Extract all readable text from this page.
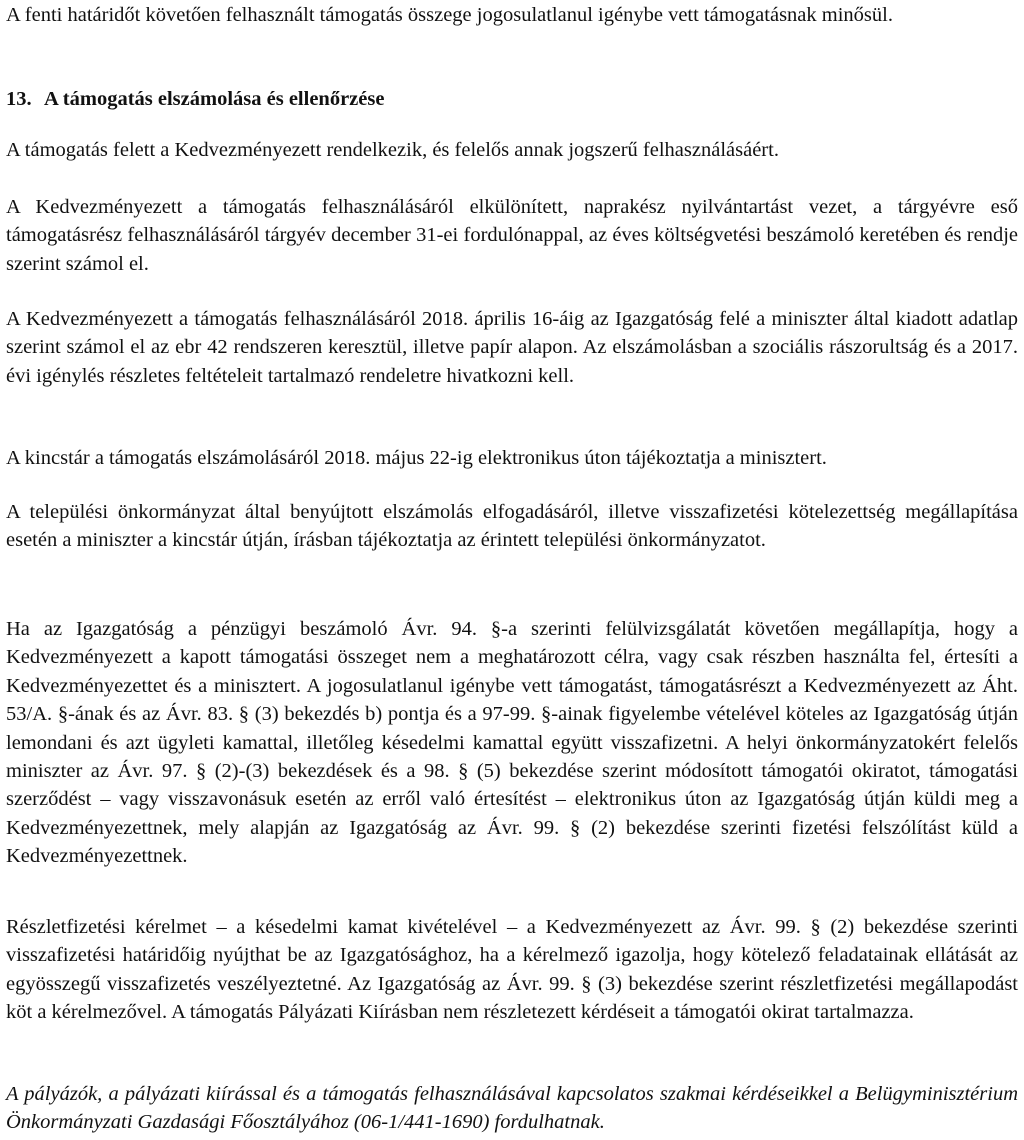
A fenti határidőt követően felhasznált támogatás összege jogosulatlanul igénybe vett támogatásnak minősül.

13. A támogatás elszámolása és ellenőrzése

A támogatás felett a Kedvezményezett rendelkezik, és felelős annak jogszerű felhasználásáért.

A Kedvezményezett a támogatás felhasználásáról elkülönített, naprakész nyilvántartást vezet, a tárgyévre eső támogatásrész felhasználásáról tárgyév december 31-ei fordulónappal, az éves költségvetési beszámoló keretében és rendje szerint számol el.

A Kedvezményezett a támogatás felhasználásáról 2018. április 16-áig az Igazgatóság felé a miniszter által kiadott adatlap szerint számol el az ebr 42 rendszeren keresztül, illetve papír alapon. Az elszámolásban a szociális rászorultság és a 2017. évi igénylés részletes feltételeit tartalmazó rendeletre hivatkozni kell.

A kincstár a támogatás elszámolásáról 2018. május 22-ig elektronikus úton tájékoztatja a minisztert.

A települési önkormányzat által benyújtott elszámolás elfogadásáról, illetve visszafizetési kötelezettség megállapítása esetén a miniszter a kincstár útján, írásban tájékoztatja az érintett települési önkormányzatot.

Ha az Igazgatóság a pénzügyi beszámoló Ávr. 94. §-a szerinti felülvizsgálatát követően megállapítja, hogy a Kedvezményezett a kapott támogatási összeget nem a meghatározott célra, vagy csak részben használta fel, értesíti a Kedvezményezettet és a minisztert. A jogosulatlanul igénybe vett támogatást, támogatásrészt a Kedvezményezett az Áht. 53/A. §-ának és az Ávr. 83. § (3) bekezdés b) pontja és a 97-99. §-ainak figyelembe vételével köteles az Igazgatóság útján lemondani és azt ügyleti kamattal, illetőleg késedelmi kamattal együtt visszafizetni. A helyi önkormányzatokért felelős miniszter az Ávr. 97. § (2)-(3) bekezdések és a 98. § (5) bekezdése szerint módosított támogatói okiratot, támogatási szerződést – vagy visszavonásuk esetén az erről való értesítést – elektronikus úton az Igazgatóság útján küldi meg a Kedvezményezettnek, mely alapján az Igazgatóság az Ávr. 99. § (2) bekezdése szerinti fizetési felszólítást küld a Kedvezményezettnek.

Részletfizetési kérelmet – a késedelmi kamat kivételével – a Kedvezményezett az Ávr. 99. § (2) bekezdése szerinti visszafizetési határidőig nyújthat be az Igazgatósághoz, ha a kérelmező igazolja, hogy kötelező feladatainak ellátását az egyösszegű visszafizetés veszélyeztetné. Az Igazgatóság az Ávr. 99. § (3) bekezdése szerint részletfizetési megállapodást köt a kérelmezővel. A támogatás Pályázati Kiírásban nem részletezett kérdéseit a támogatói okirat tartalmazza.

A pályázók, a pályázati kiírással és a támogatás felhasználásával kapcsolatos szakmai kérdéseikkel a Belügyminisztérium Önkormányzati Gazdasági Főosztályához (06-1/441-1690) fordulhatnak.
